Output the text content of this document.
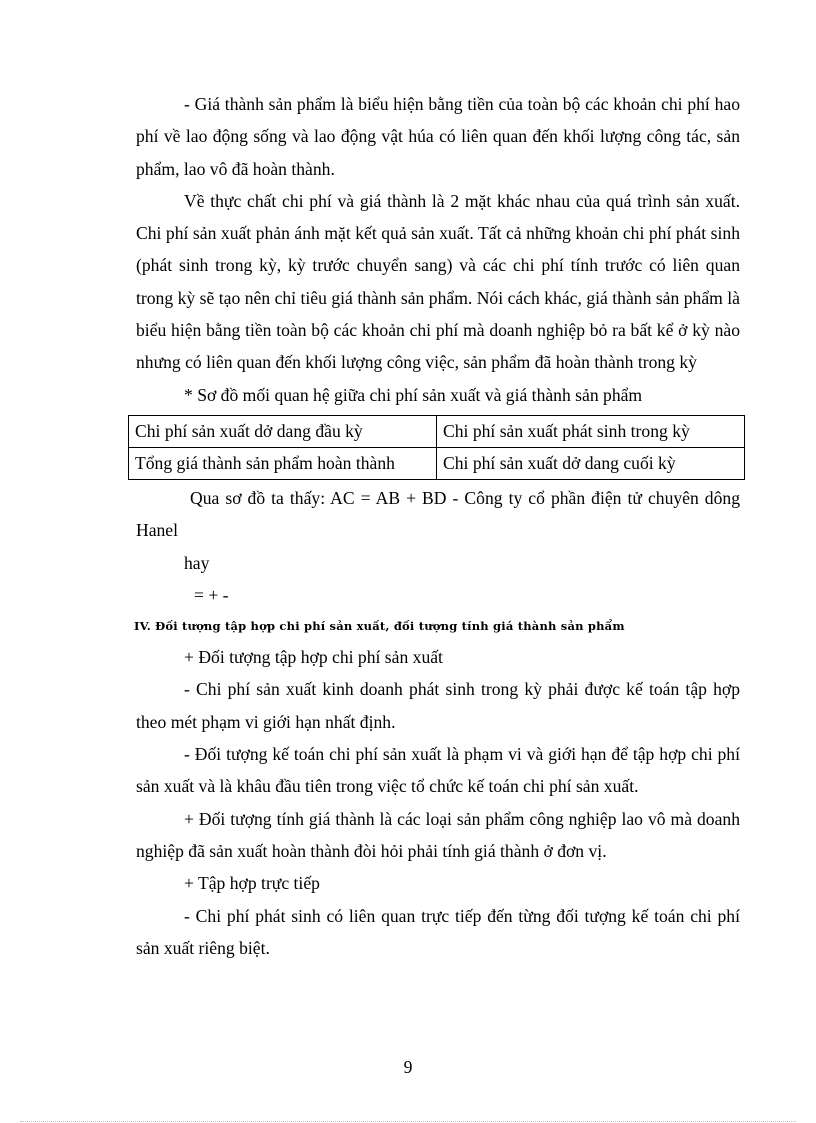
- Giá thành sản phẩm là biểu hiện bằng tiền của toàn bộ các khoản chi phí hao phí về lao động sống và lao động vật húa có liên quan đến khối lượng công tác, sản phẩm, lao vô đã hoàn thành.

Về thực chất chi phí và giá thành là 2 mặt khác nhau của quá trình sản xuất. Chi phí sản xuất phản ánh mặt kết quả sản xuất. Tất cả những khoản chi phí phát sinh (phát sinh trong kỳ, kỳ trước chuyển sang) và các chi phí tính trước có liên quan trong kỳ sẽ tạo nên chỉ tiêu giá thành sản phẩm. Nói cách khác, giá thành sản phẩm là biểu hiện bằng tiền toàn bộ các khoản chi phí mà doanh nghiệp bỏ ra bất kể ở kỳ nào nhưng có liên quan đến khối lượng công việc, sản phẩm đã hoàn thành trong kỳ

* Sơ đồ mối quan hệ giữa chi phí sản xuất và giá thành sản phẩm

Chi phí sản xuất dở dang đầu kỳ	Chi phí sản xuất phát sinh trong kỳ
Tổng giá thành sản phẩm hoàn thành	Chi phí sản xuất dở dang cuối kỳ

Qua sơ đồ ta thấy: AC = AB + BD - Công ty cổ phần điện tử chuyên dông Hanel

hay

= + -

IV. Đối tượng tập hợp chi phí sản xuất, đối tượng tính giá thành sản phẩm

+ Đối tượng tập hợp chi phí sản xuất

- Chi phí sản xuất kinh doanh phát sinh trong kỳ phải được kế toán tập hợp theo mét phạm vi giới hạn nhất định.

- Đối tượng kế toán chi phí sản xuất là phạm vi và giới hạn để tập hợp chi phí sản xuất và là khâu đầu tiên trong việc tổ chức kế toán chi phí sản xuất.

+ Đối tượng tính giá thành là các loại sản phẩm công nghiệp lao vô mà doanh nghiệp đã sản xuất hoàn thành đòi hỏi phải tính giá thành ở đơn vị.

+ Tập hợp trực tiếp

- Chi phí phát sinh có liên quan trực tiếp đến từng đối tượng kế toán chi phí sản xuất riêng biệt.

9
